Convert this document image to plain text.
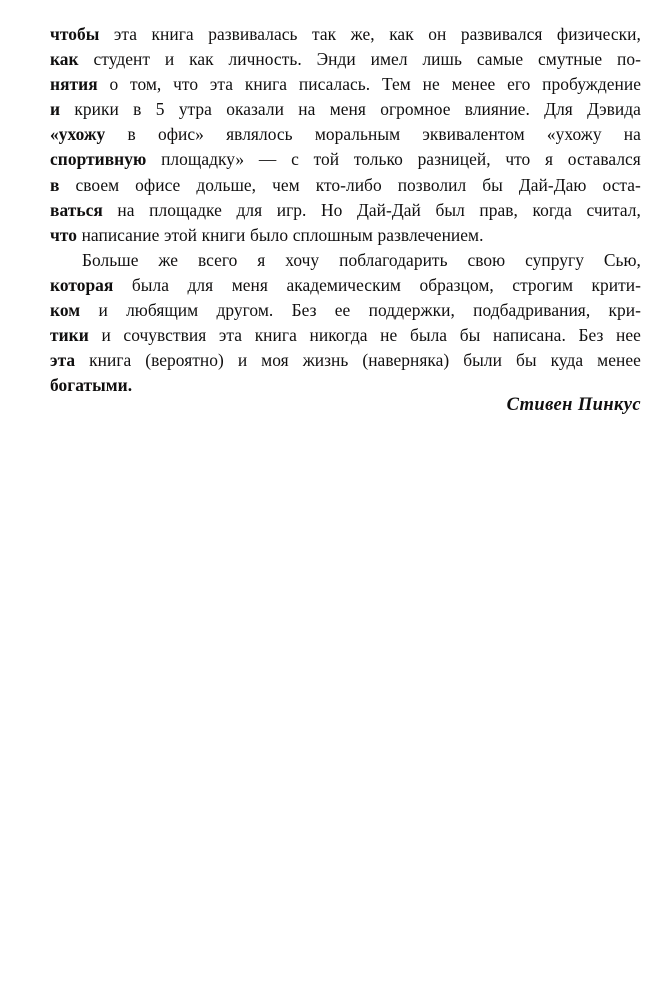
чтобы эта книга развивалась так же, как он развивался физически,
как студент и как личность. Энди имел лишь самые смутные по-
нятия о том, что эта книга писалась. Тем не менее его пробуждение
и крики в 5 утра оказали на меня огромное влияние. Для Дэвида
«ухожу в офис» являлось моральным эквивалентом «ухожу на
спортивную площадку» — с той только разницей, что я оставался
в своем офисе дольше, чем кто-либо позволил бы Дай-Даю оста-
ваться на площадке для игр. Но Дай-Дай был прав, когда считал,
что написание этой книги было сплошным развлечением.
Больше же всего я хочу поблагодарить свою супругу Сью,
которая была для меня академическим образцом, строгим крити-
ком и любящим другом. Без ее поддержки, подбадривания, кри-
тики и сочувствия эта книга никогда не была бы написана. Без нее
эта книга (вероятно) и моя жизнь (наверняка) были бы куда менее
богатыми.
Стивен Пинкус
